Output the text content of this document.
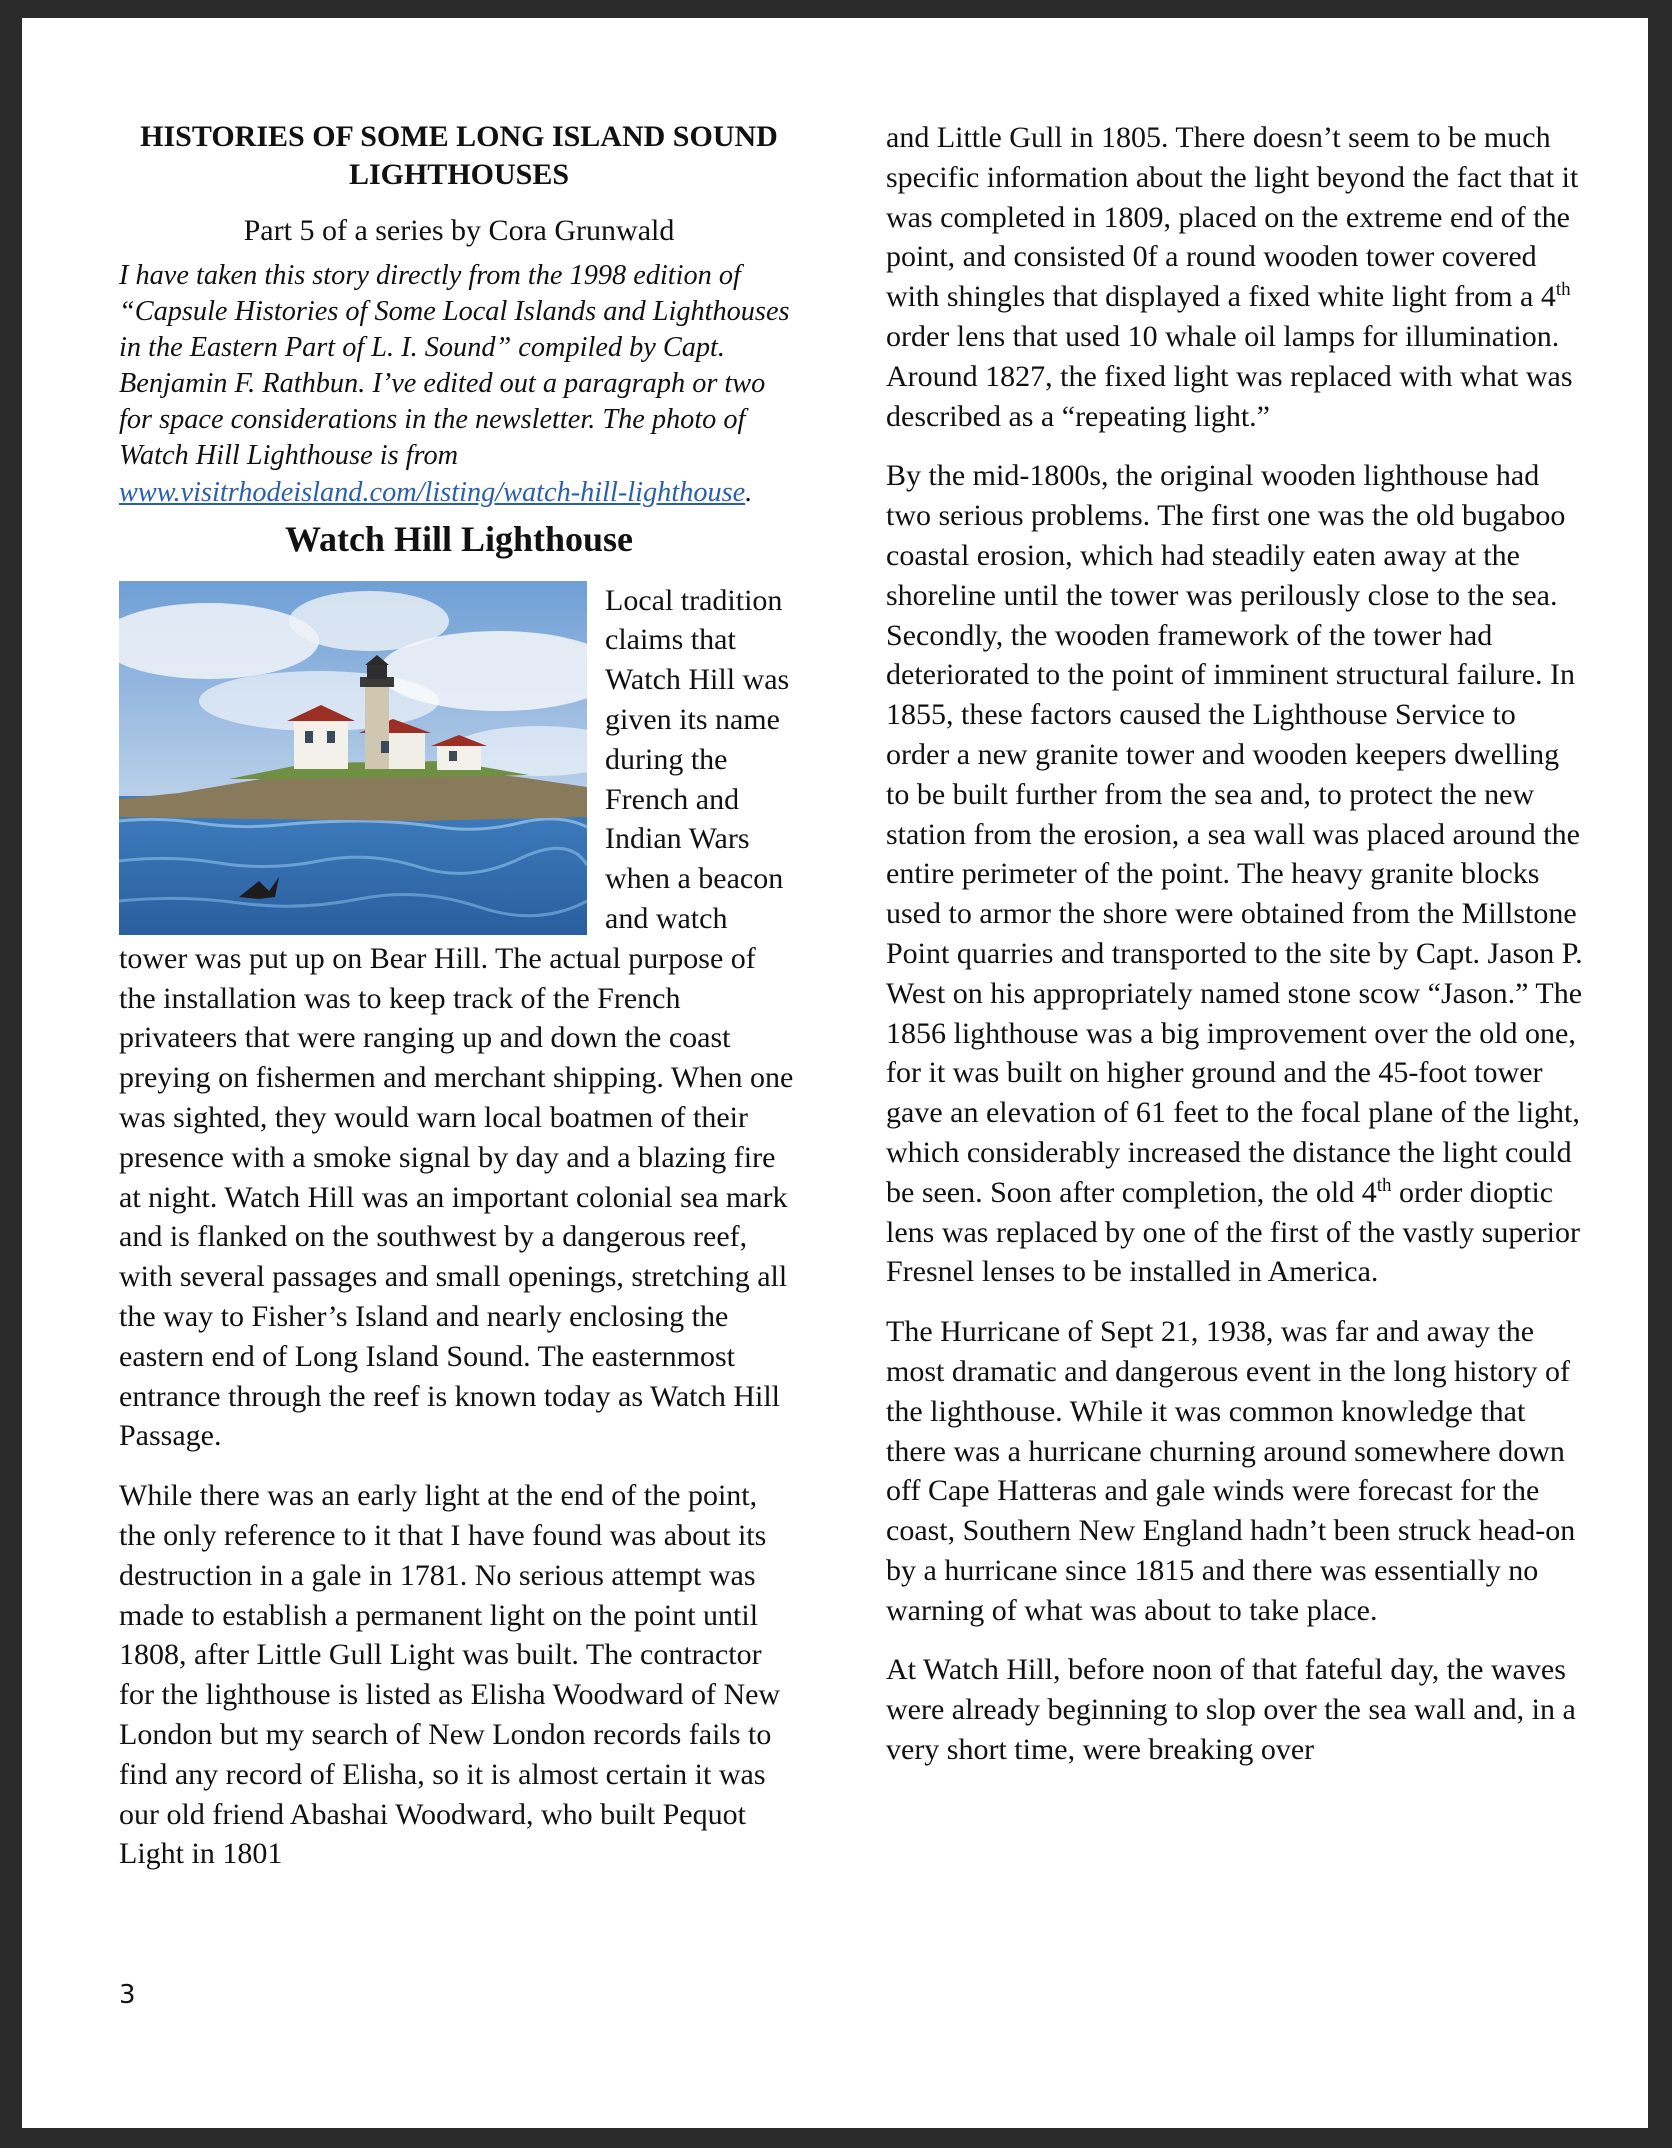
HISTORIES OF SOME LONG ISLAND SOUND LIGHTHOUSES
Part 5 of a series by Cora Grunwald
I have taken this story directly from the 1998 edition of “Capsule Histories of Some Local Islands and Lighthouses in the Eastern Part of L. I. Sound” compiled by Capt. Benjamin F. Rathbun. I’ve edited out a paragraph or two for space considerations in the newsletter. The photo of Watch Hill Lighthouse is from www.visitrhodeisland.com/listing/watch-hill-lighthouse.
Watch Hill Lighthouse

Local tradition claims that Watch Hill was given its name during the French and Indian Wars when a beacon and watch tower was put up on Bear Hill. The actual purpose of the installation was to keep track of the French privateers that were ranging up and down the coast preying on fishermen and merchant shipping. When one was sighted, they would warn local boatmen of their presence with a smoke signal by day and a blazing fire at night. Watch Hill was an important colonial sea mark and is flanked on the southwest by a dangerous reef, with several passages and small openings, stretching all the way to Fisher’s Island and nearly enclosing the eastern end of Long Island Sound. The easternmost entrance through the reef is known today as Watch Hill Passage.

While there was an early light at the end of the point, the only reference to it that I have found was about its destruction in a gale in 1781. No serious attempt was made to establish a permanent light on the point until 1808, after Little Gull Light was built. The contractor for the lighthouse is listed as Elisha Woodward of New London but my search of New London records fails to find any record of Elisha, so it is almost certain it was our old friend Abashai Woodward, who built Pequot Light in 1801

and Little Gull in 1805. There doesn’t seem to be much specific information about the light beyond the fact that it was completed in 1809, placed on the extreme end of the point, and consisted 0f a round wooden tower covered with shingles that displayed a fixed white light from a 4th order lens that used 10 whale oil lamps for illumination. Around 1827, the fixed light was replaced with what was described as a “repeating light.”

By the mid-1800s, the original wooden lighthouse had two serious problems. The first one was the old bugaboo coastal erosion, which had steadily eaten away at the shoreline until the tower was perilously close to the sea. Secondly, the wooden framework of the tower had deteriorated to the point of imminent structural failure. In 1855, these factors caused the Lighthouse Service to order a new granite tower and wooden keepers dwelling to be built further from the sea and, to protect the new station from the erosion, a sea wall was placed around the entire perimeter of the point. The heavy granite blocks used to armor the shore were obtained from the Millstone Point quarries and transported to the site by Capt. Jason P. West on his appropriately named stone scow “Jason.” The 1856 lighthouse was a big improvement over the old one, for it was built on higher ground and the 45-foot tower gave an elevation of 61 feet to the focal plane of the light, which considerably increased the distance the light could be seen. Soon after completion, the old 4th order dioptic lens was replaced by one of the first of the vastly superior Fresnel lenses to be installed in America.

The Hurricane of Sept 21, 1938, was far and away the most dramatic and dangerous event in the long history of the lighthouse. While it was common knowledge that there was a hurricane churning around somewhere down off Cape Hatteras and gale winds were forecast for the coast, Southern New England hadn’t been struck head-on by a hurricane since 1815 and there was essentially no warning of what was about to take place.

At Watch Hill, before noon of that fateful day, the waves were already beginning to slop over the sea wall and, in a very short time, were breaking over

3
